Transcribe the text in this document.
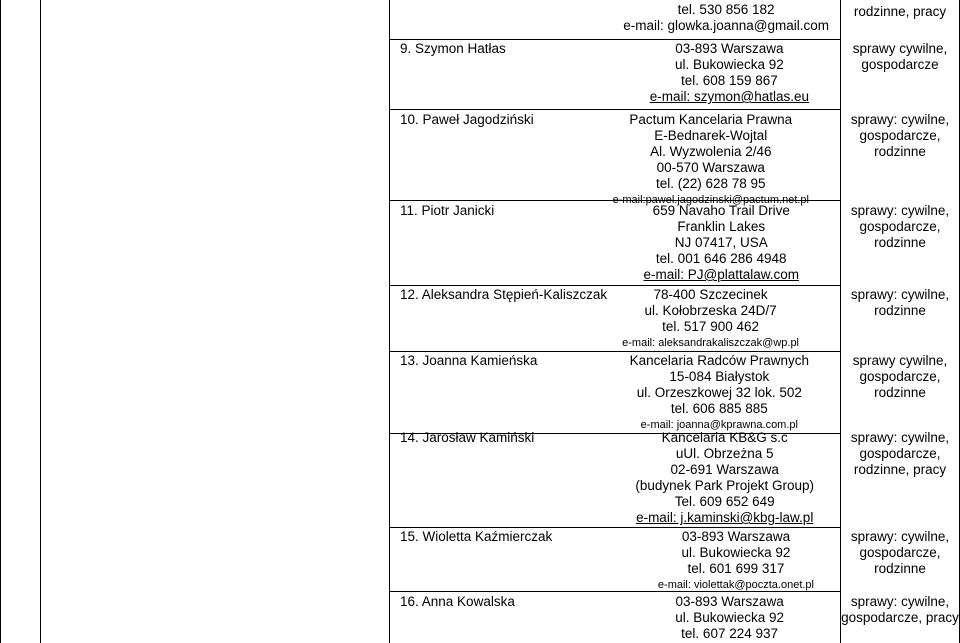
tel. 530 856 182
e-mail: glowka.joanna@gmail.com
rodzinne, pracy
9. Szymon Hatłas	03-893 Warszawa
ul. Bukowiecka 92
tel. 608 159 867
e-mail: szymon@hatlas.eu
sprawy cywilne,
gospodarcze
10. Paweł Jagodziński	Pactum Kancelaria Prawna
E-Bednarek-Wojtal
Al. Wyzwolenia 2/46
00-570 Warszawa
tel. (22) 628 78 95
e-mail:pawel.jagodzinski@pactum.net.pl
sprawy: cywilne,
gospodarcze,
rodzinne
11. Piotr Janicki	659 Navaho Trail Drive
Franklin Lakes
NJ 07417, USA
tel. 001 646 286 4948
e-mail: PJ@plattalaw.com
sprawy: cywilne,
gospodarcze,
rodzinne
12. Aleksandra Stępień-Kaliszczak	78-400 Szczecinek
ul. Kołobrzeska 24D/7
tel. 517 900 462
e-mail: aleksandrakaliszczak@wp.pl
sprawy: cywilne,
rodzinne
13. Joanna Kamieńska	Kancelaria Radców Prawnych
15-084 Białystok
ul. Orzeszkowej 32 lok. 502
tel. 606 885 885
e-mail: joanna@kprawna.com.pl
sprawy cywilne,
gospodarcze,
rodzinne
14. Jarosław Kamiński	Kancelaria KB&G s.c
uUl. Obrzeżna 5
02-691 Warszawa
(budynek Park Projekt Group)
Tel. 609 652 649
e-mail: j.kaminski@kbg-law.pl
sprawy: cywilne,
gospodarcze,
rodzinne, pracy
15. Wioletta Kaźmierczak	03-893 Warszawa
ul. Bukowiecka 92
tel. 601 699 317
e-mail: violettak@poczta.onet.pl
sprawy: cywilne,
gospodarcze,
rodzinne
16. Anna Kowalska	03-893 Warszawa
ul. Bukowiecka 92
tel. 607 224 937
sprawy: cywilne,
gospodarcze, pracy
